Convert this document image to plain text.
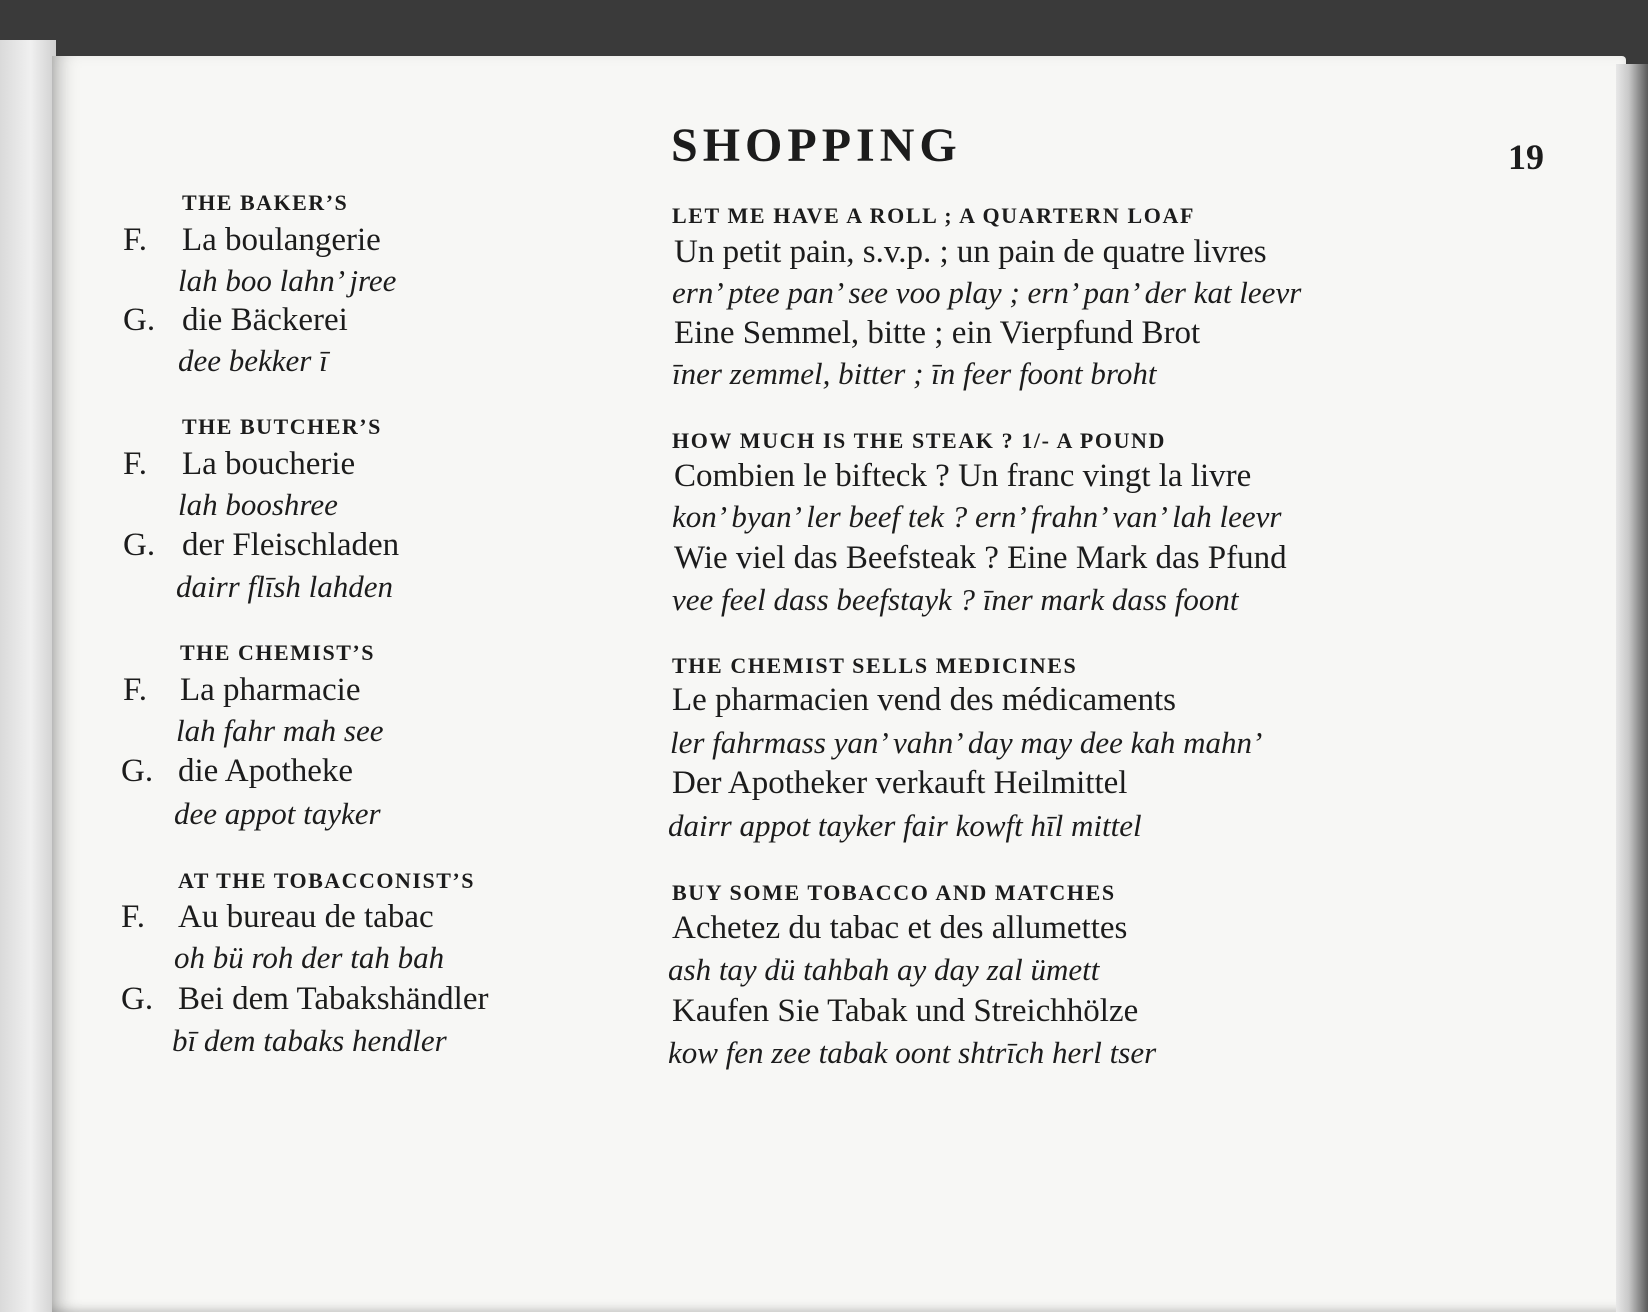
SHOPPING	19
THE BAKER’S
F. La boulangerie
lah boo lahn’ jree
G. die Bäckerei
dee bekker ī
THE BUTCHER’S
F. La boucherie
lah booshree
G. der Fleischladen
dairr flīsh lahden
THE CHEMIST’S
F. La pharmacie
lah fahr mah see
G. die Apotheke
dee appot tayker
AT THE TOBACCONIST’S
F. Au bureau de tabac
oh bü roh der tah bah
G. Bei dem Tabakshändler
bī dem tabaks hendler
LET ME HAVE A ROLL ; A QUARTERN LOAF
Un petit pain, s.v.p. ; un pain de quatre livres
ern’ ptee pan’ see voo play ; ern’ pan’ der kat leevr
Eine Semmel, bitte ; ein Vierpfund Brot
īner zemmel, bitter ; īn feer foont broht
HOW MUCH IS THE STEAK ? 1/- A POUND
Combien le bifteck ? Un franc vingt la livre
kon’ byan’ ler beef tek ? ern’ frahn’ van’ lah leevr
Wie viel das Beefsteak ? Eine Mark das Pfund
vee feel dass beefstayk ? īner mark dass foont
THE CHEMIST SELLS MEDICINES
Le pharmacien vend des médicaments
ler fahrmass yan’ vahn’ day may dee kah mahn’
Der Apotheker verkauft Heilmittel
dairr appot tayker fair kowft hīl mittel
BUY SOME TOBACCO AND MATCHES
Achetez du tabac et des allumettes
ash tay dü tahbah ay day zal ümett
Kaufen Sie Tabak und Streichhölze
kow fen zee tabak oont shtrīch herl tser
